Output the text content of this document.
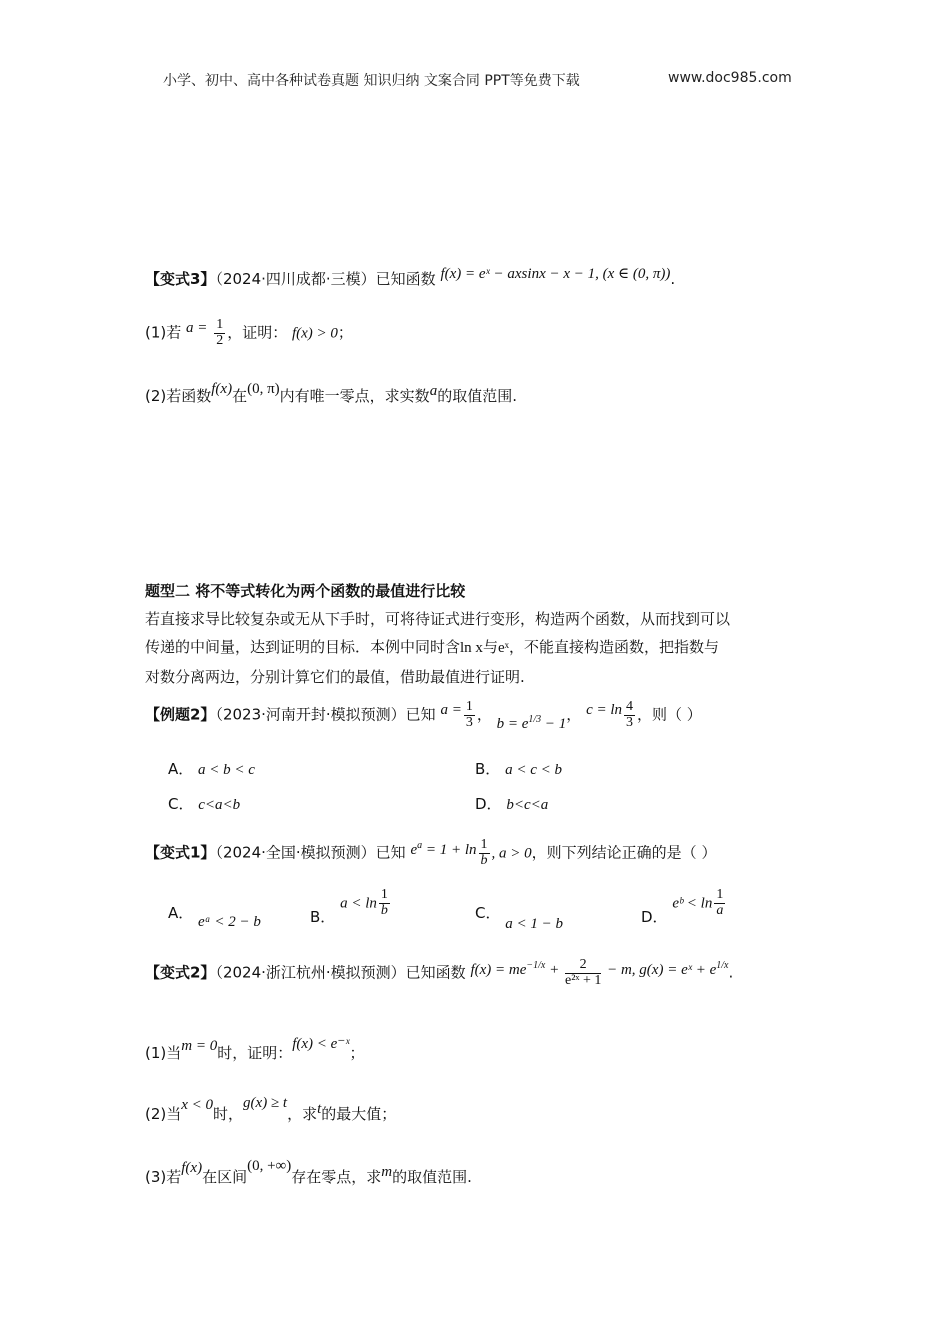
小学、初中、高中各种试卷真题 知识归纳 文案合同 PPT等免费下载	www.doc985.com
【变式3】（2024·四川成都·三模）已知函数 f(x) = eˣ − axsinx − x − 1, (x ∈ (0, π)).
(1)若 $a = \frac{1}{2}$ ，证明： f(x) > 0；
(2)若函数f(x)在(0, π)内有唯一零点，求实数a的取值范围.
题型二 将不等式转化为两个函数的最值进行比较
若直接求导比较复杂或无从下手时，可将待证式进行变形，构造两个函数，从而找到可以
传递的中间量，达到证明的目标．本例中同时含ln x与eˣ，不能直接构造函数，把指数与
对数分离两边，分别计算它们的最值，借助最值进行证明.
【例题2】（2023·河南开封·模拟预测）已知 $a = \frac{1}{3}$ ， $b = e^{1/3} - 1$， $c = \ln \frac{4}{3}$ ，则（ ）
A． a < b < c	B． a < c < b
C． c<a<b	D． b<c<a
【变式1】（2024·全国·模拟预测）已知 $e^a = 1 + \ln \frac{1}{b}$ , a > 0，则下列结论正确的是（ ）
A． eᵃ < 2 − b	B． $a < \ln \frac{1}{b}$	C． a < 1 − b	D． eᵇ < $\ln \frac{1}{a}$
【变式2】（2024·浙江杭州·模拟预测）已知函数 $f(x) = me^{-1/x} + \frac{2}{\text{e²ˣ + 1}} - m$, g(x) = eˣ + $e^{1/x}$.
(1)当m = 0时，证明：f(x) < e⁻ˣ；
(2)当x < 0时，g(x) ≥ t，求t的最大值；
(3)若f(x)在区间(0, +∞)存在零点，求m的取值范围.
